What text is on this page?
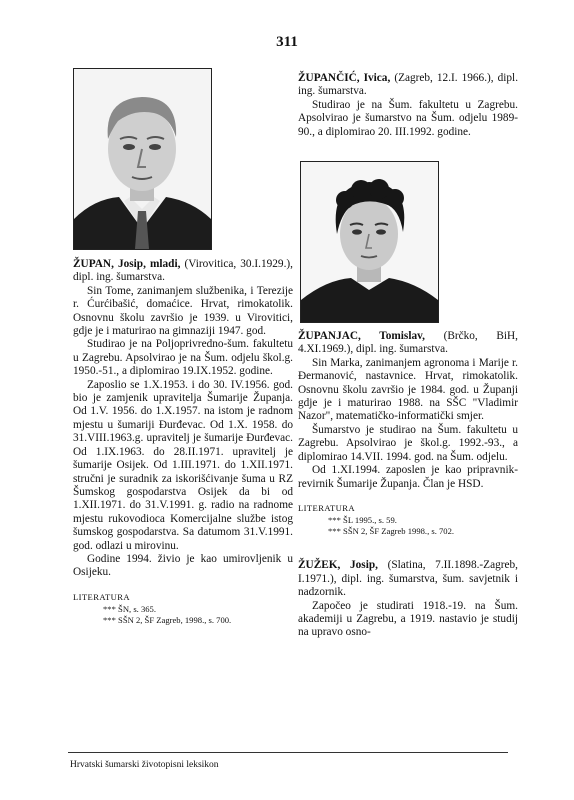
311

ŽUPAN, Josip, mladi, (Virovitica, 30.I.1929.), dipl. ing. šumarstva.

Sin Tome, zanimanjem službenika, i Terezije r. Ćurćibašić, domaćice. Hrvat, rimokatolik. Osnovnu školu završio je 1939. u Virovitici, gdje je i maturirao na gimnaziji 1947. god.

Studirao je na Poljoprivredno-šum. fakultetu u Zagrebu. Apsolvirao je na Šum. odjelu škol.g. 1950.-51., a diplomirao 19.IX.1952. godine.

Zaposlio se 1.X.1953. i do 30. IV.1956. god. bio je zamjenik upravitelja Šumarije Županja. Od 1.V. 1956. do 1.X.1957. na istom je radnom mjestu u šumariji Đurđevac. Od 1.X. 1958. do 31.VIII.1963.g. upravitelj je šumarije Đurđevac. Od 1.IX.1963. do 28.II.1971. upravitelj je šumarije Osijek. Od 1.III.1971. do 1.XII.1971. stručni je suradnik za iskorišćivanje šuma u RZ Šumskog gospodarstva Osijek da bi od 1.XII.1971. do 31.V.1991. g. radio na radnome mjestu rukovodioca Komercijalne službe istog šumskog gospodarstva. Sa datumom 31.V.1991. god. odlazi u mirovinu.

Godine 1994. živio je kao umirovljenik u Osijeku.

LITERATURA
*** ŠN, s. 365.
*** SŠN 2, ŠF Zagreb, 1998., s. 700.

ŽUPANČIĆ, Ivica, (Zagreb, 12.I. 1966.), dipl. ing. šumarstva.

Studirao je na Šum. fakultetu u Zagrebu. Apsolvirao je šumarstvo na Šum. odjelu 1989-90., a diplomirao 20. III.1992. godine.

ŽUPANJAC, Tomislav, (Brčko, BiH, 4.XI.1969.), dipl. ing. šumarstva.

Sin Marka, zanimanjem agronoma i Marije r. Đermanović, nastavnice. Hrvat, rimokatolik. Osnovnu školu završio je 1984. god. u Županji gdje je i maturirao 1988. na SŠC "Vladimir Nazor", matematičko-informatički smjer.

Šumarstvo je studirao na Šum. fakultetu u Zagrebu. Apsolvirao je škol.g. 1992.-93., a diplomirao 14.VII. 1994. god. na Šum. odjelu.

Od 1.XI.1994. zaposlen je kao pripravnik-revirnik Šumarije Županja. Član je HSD.

LITERATURA
*** ŠL 1995., s. 59.
*** SŠN 2, ŠF Zagreb 1998., s. 702.

ŽUŽEK, Josip, (Slatina, 7.II.1898.-Zagreb, I.1971.), dipl. ing. šumarstva, šum. savjetnik i nadzornik.

Započeo je studirati 1918.-19. na Šum. akademiji u Zagrebu, a 1919. nastavio je studij na upravo osno-

Hrvatski šumarski životopisni leksikon
